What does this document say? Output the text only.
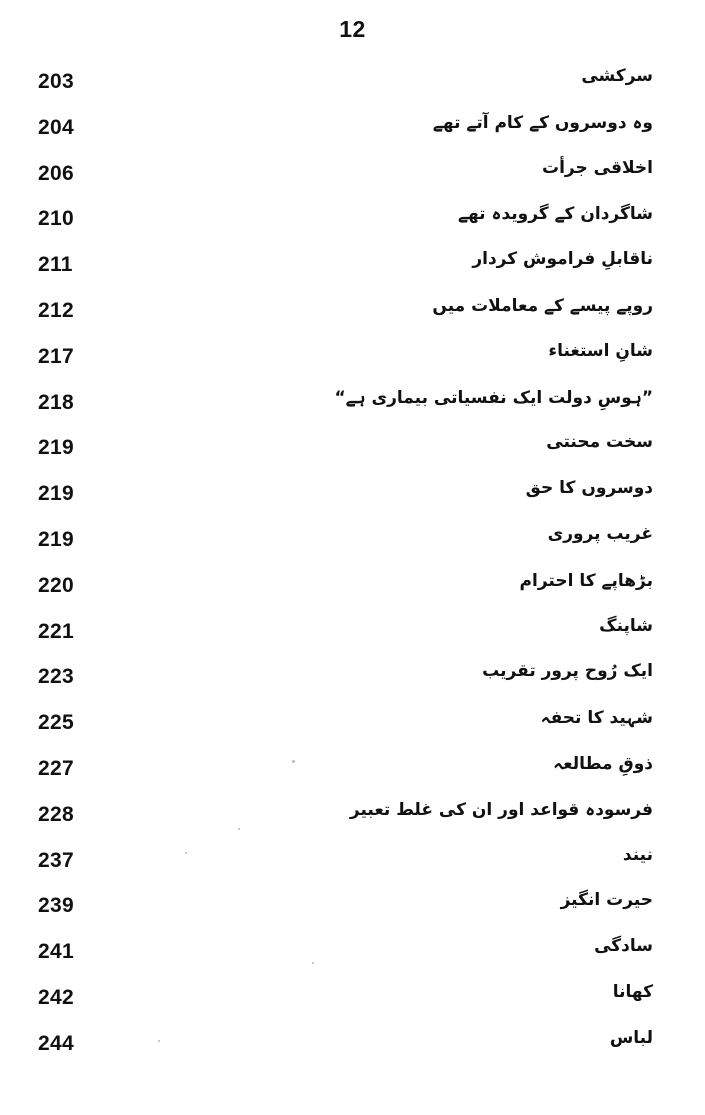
12
203	سرکشی
204	وہ دوسروں کے کام آتے تھے
206	اخلاقی جرأت
210	شاگردان کے گرویدہ تھے
211	ناقابلِ فراموش کردار
212	روپے پیسے کے معاملات میں
217	شانِ استغناء
218	”ہوسِ دولت ایک نفسیاتی بیماری ہے“
219	سخت محنتی
219	دوسروں کا حق
219	غریب پروری
220	بڑھاپے کا احترام
221	شاپنگ
223	ایک رُوح پرور تقریب
225	شہید کا تحفہ
227	ذوقِ مطالعہ
228	فرسودہ قواعد اور ان کی غلط تعبیر
237	نیند
239	حیرت انگیز
241	سادگی
242	کھانا
244	لباس
